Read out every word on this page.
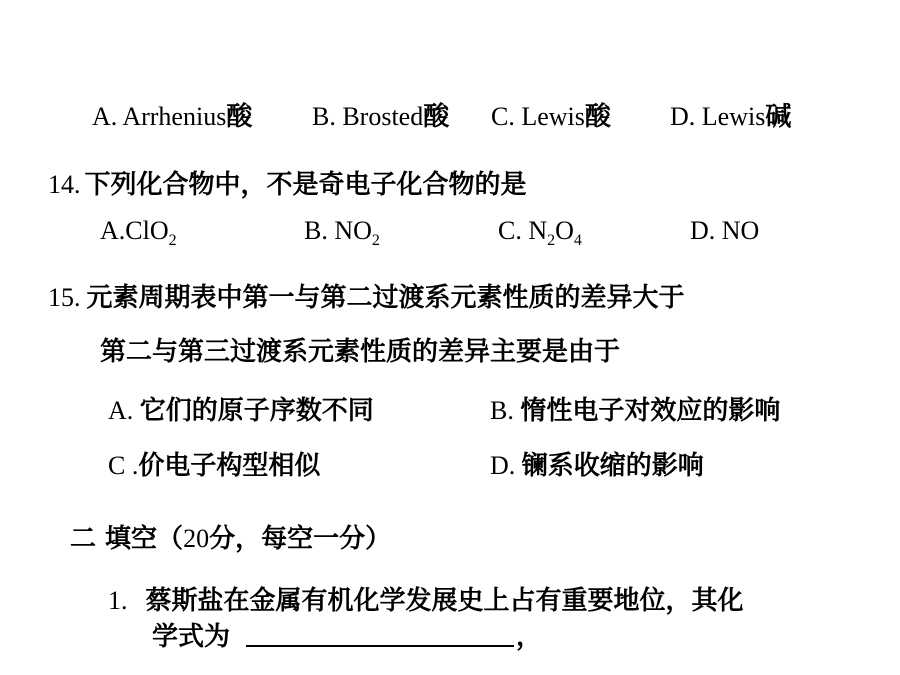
A. Arrhenius酸 B. Brosted酸 C. Lewis酸 D. Lewis碱
14. 下列化合物中，不是奇电子化合物的是
A.ClO$_2$	B. $NO_2$	C. $N_2O_4$	D. NO
15. 元素周期表中第一与第二过渡系元素性质的差异大于
第二与第三过渡系元素性质的差异主要是由于
A. 它们的原子序数不同	B. 惰性电子对效应的影响
C .价电子构型相似	D. 镧系收缩的影响
二 填空（20分，每空一分）
1. 蔡斯盐在金属有机化学发展史上占有重要地位，其化
学式为	，
